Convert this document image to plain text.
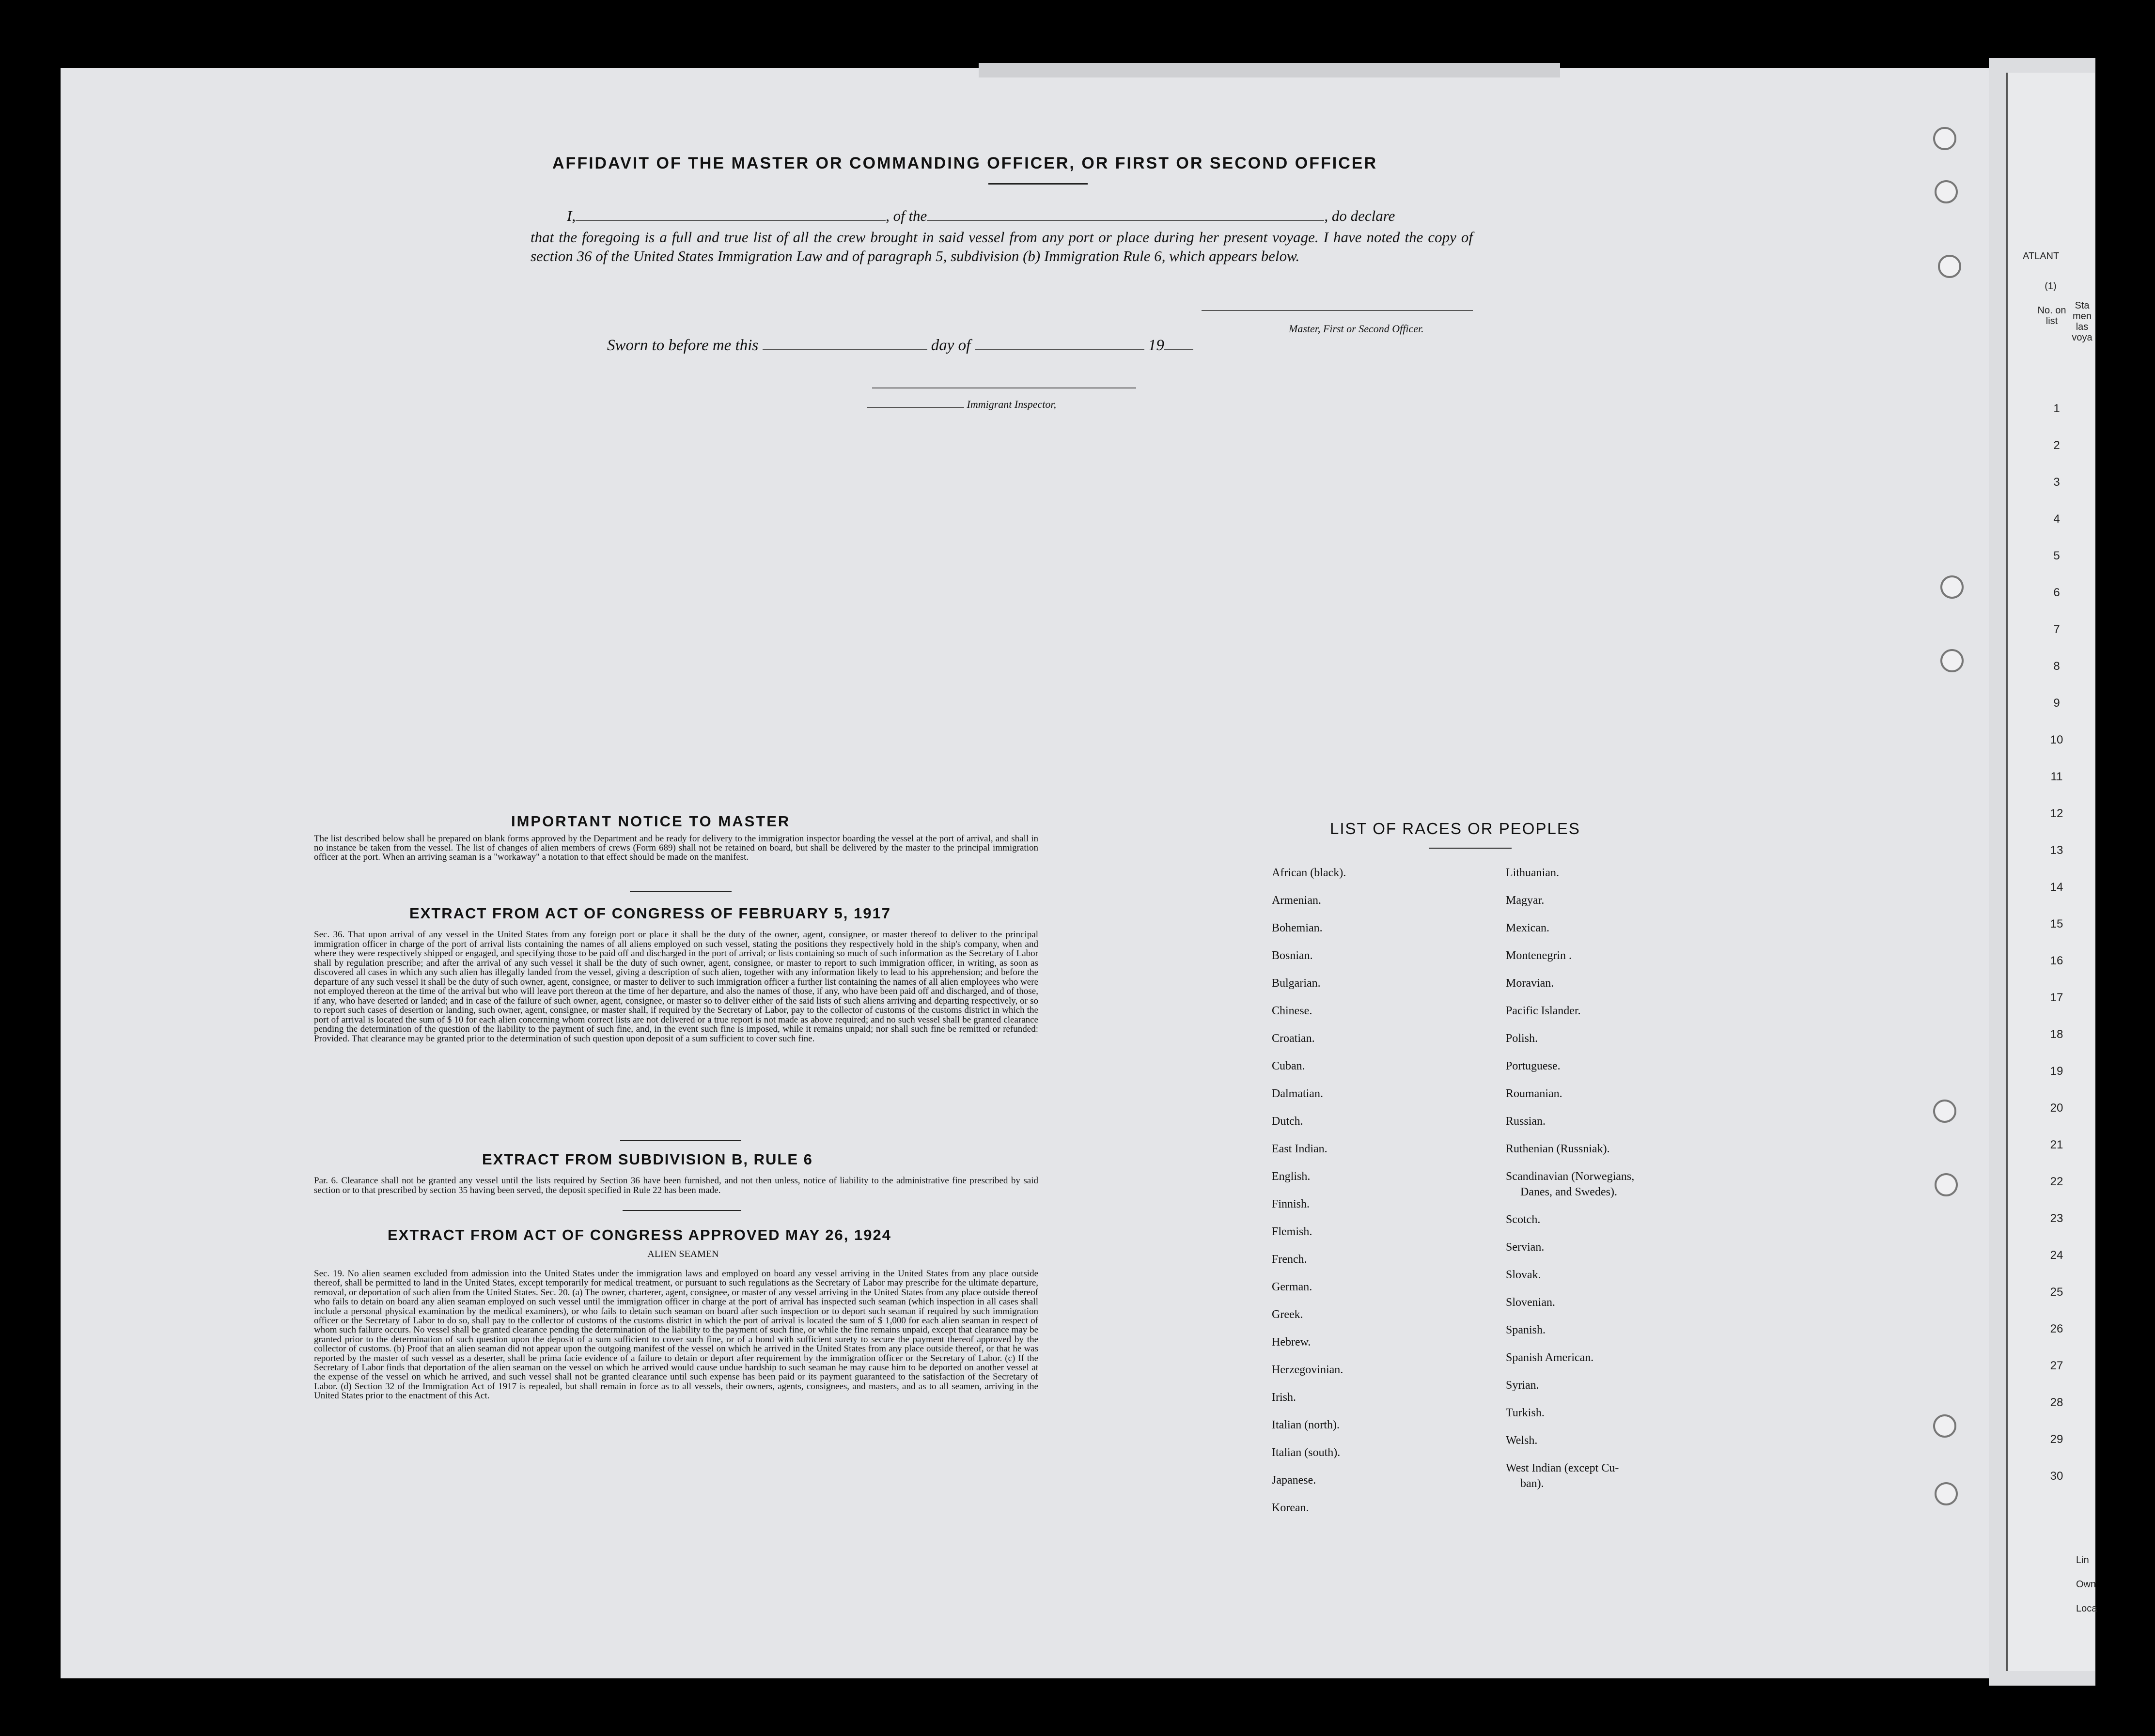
ATLANT
(1)
No. on list
Sta men las voya
1
2
3
4
5
6
7
8
9
10
11
12
13
14
15
16
17
18
19
20
21
22
23
24
25
26
27
28
29
30
Lin
Own
Loca
AFFIDAVIT OF THE MASTER OR COMMANDING OFFICER, OR FIRST OR SECOND OFFICER
I,	, of the	, do declare
that the foregoing is a full and true list of all the crew brought in said vessel from any port or place during her present voyage. I have noted the copy of section 36 of the United States Immigration Law and of paragraph 5, subdivision (b) Immigration Rule 6, which appears below.
Master, First or Second Officer.
Sworn to before me this	day of	19
Immigrant Inspector,
IMPORTANT NOTICE TO MASTER
The list described below shall be prepared on blank forms approved by the Department and be ready for delivery to the immigration inspector boarding the vessel at the port of arrival, and shall in no instance be taken from the vessel. The list of changes of alien members of crews (Form 689) shall not be retained on board, but shall be delivered by the master to the principal immigration officer at the port. When an arriving seaman is a "workaway" a notation to that effect should be made on the manifest.
EXTRACT FROM ACT OF CONGRESS OF FEBRUARY 5, 1917
Sec. 36. That upon arrival of any vessel in the United States from any foreign port or place it shall be the duty of the owner, agent, consignee, or master thereof to deliver to the principal immigration officer in charge of the port of arrival lists containing the names of all aliens employed on such vessel, stating the positions they respectively hold in the ship's company, when and where they were respectively shipped or engaged, and specifying those to be paid off and discharged in the port of arrival; or lists containing so much of such information as the Secretary of Labor shall by regulation prescribe; and after the arrival of any such vessel it shall be the duty of such owner, agent, consignee, or master to report to such immigration officer, in writing, as soon as discovered all cases in which any such alien has illegally landed from the vessel, giving a description of such alien, together with any information likely to lead to his apprehension; and before the departure of any such vessel it shall be the duty of such owner, agent, consignee, or master to deliver to such immigration officer a further list containing the names of all alien employees who were not employed thereon at the time of the arrival but who will leave port thereon at the time of her departure, and also the names of those, if any, who have been paid off and discharged, and of those, if any, who have deserted or landed; and in case of the failure of such owner, agent, consignee, or master so to deliver either of the said lists of such aliens arriving and departing respectively, or so to report such cases of desertion or landing, such owner, agent, consignee, or master shall, if required by the Secretary of Labor, pay to the collector of customs of the customs district in which the port of arrival is located the sum of $ 10 for each alien concerning whom correct lists are not delivered or a true report is not made as above required; and no such vessel shall be granted clearance pending the determination of the question of the liability to the payment of such fine, and, in the event such fine is imposed, while it remains unpaid; nor shall such fine be remitted or refunded: Provided. That clearance may be granted prior to the determination of such question upon deposit of a sum sufficient to cover such fine.
EXTRACT FROM SUBDIVISION B, RULE 6
Par. 6. Clearance shall not be granted any vessel until the lists required by Section 36 have been furnished, and not then unless, notice of liability to the administrative fine prescribed by said section or to that prescribed by section 35 having been served, the deposit specified in Rule 22 has been made.
EXTRACT FROM ACT OF CONGRESS APPROVED MAY 26, 1924
ALIEN SEAMEN
Sec. 19. No alien seamen excluded from admission into the United States under the immigration laws and employed on board any vessel arriving in the United States from any place outside thereof, shall be permitted to land in the United States, except temporarily for medical treatment, or pursuant to such regulations as the Secretary of Labor may prescribe for the ultimate departure, removal, or deportation of such alien from the United States. Sec. 20. (a) The owner, charterer, agent, consignee, or master of any vessel arriving in the United States from any place outside thereof who fails to detain on board any alien seaman employed on such vessel until the immigration officer in charge at the port of arrival has inspected such seaman (which inspection in all cases shall include a personal physical examination by the medical examiners), or who fails to detain such seaman on board after such inspection or to deport such seaman if required by such immigration officer or the Secretary of Labor to do so, shall pay to the collector of customs of the customs district in which the port of arrival is located the sum of $ 1,000 for each alien seaman in respect of whom such failure occurs. No vessel shall be granted clearance pending the determination of the liability to the payment of such fine, or while the fine remains unpaid, except that clearance may be granted prior to the determination of such question upon the deposit of a sum sufficient to cover such fine, or of a bond with sufficient surety to secure the payment thereof approved by the collector of customs. (b) Proof that an alien seaman did not appear upon the outgoing manifest of the vessel on which he arrived in the United States from any place outside thereof, or that he was reported by the master of such vessel as a deserter, shall be prima facie evidence of a failure to detain or deport after requirement by the immigration officer or the Secretary of Labor. (c) If the Secretary of Labor finds that deportation of the alien seaman on the vessel on which he arrived would cause undue hardship to such seaman he may cause him to be deported on another vessel at the expense of the vessel on which he arrived, and such vessel shall not be granted clearance until such expense has been paid or its payment guaranteed to the satisfaction of the Secretary of Labor. (d) Section 32 of the Immigration Act of 1917 is repealed, but shall remain in force as to all vessels, their owners, agents, consignees, and masters, and as to all seamen, arriving in the United States prior to the enactment of this Act.
LIST OF RACES OR PEOPLES
African (black).
Armenian.
Bohemian.
Bosnian.
Bulgarian.
Chinese.
Croatian.
Cuban.
Dalmatian.
Dutch.
East Indian.
English.
Finnish.
Flemish.
French.
German.
Greek.
Hebrew.
Herzegovinian.
Irish.
Italian (north).
Italian (south).
Japanese.
Korean.
Lithuanian.
Magyar.
Mexican.
Montenegrin .
Moravian.
Pacific Islander.
Polish.
Portuguese.
Roumanian.
Russian.
Ruthenian (Russniak).
Scandinavian (Norwegians,
Danes, and Swedes).
Scotch.
Servian.
Slovak.
Slovenian.
Spanish.
Spanish American.
Syrian.
Turkish.
Welsh.
West Indian (except Cu-
ban).
